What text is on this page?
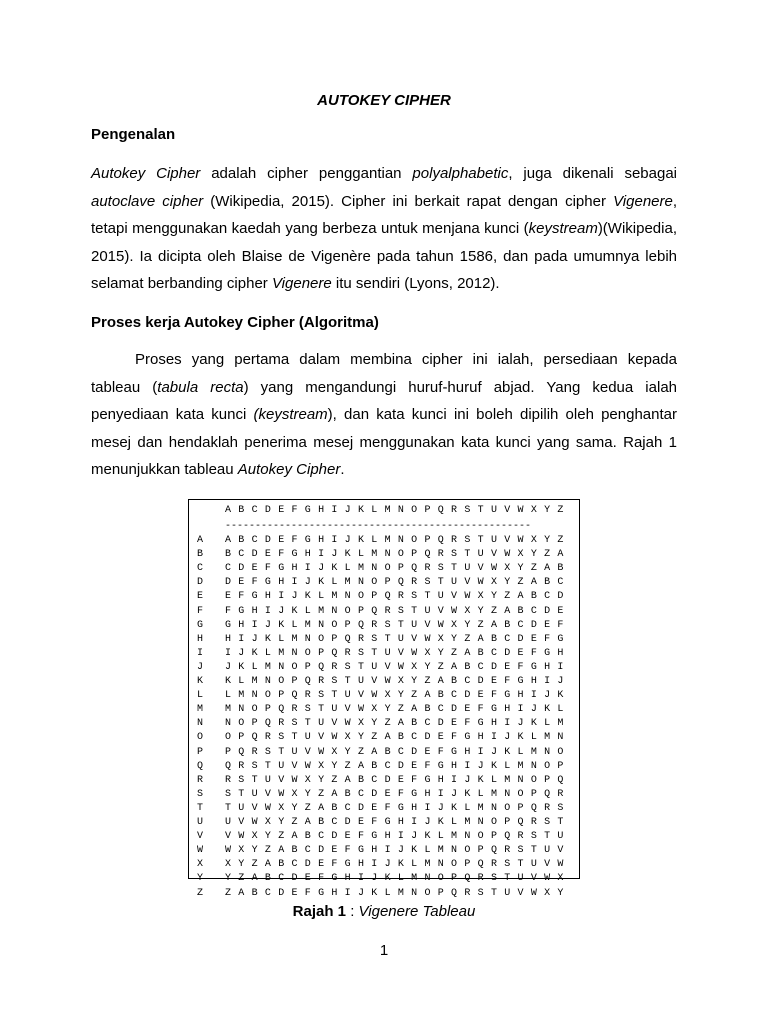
AUTOKEY CIPHER
Pengenalan
Autokey Cipher adalah cipher penggantian polyalphabetic, juga dikenali sebagai
autoclave cipher (Wikipedia, 2015). Cipher ini berkait rapat dengan cipher Vigenere,
tetapi menggunakan kaedah yang berbeza untuk menjana kunci (keystream)(Wikipedia,
2015). Ia dicipta oleh Blaise de Vigenère pada tahun 1586, dan pada umumnya lebih
selamat berbanding cipher Vigenere itu sendiri (Lyons, 2012).
Proses kerja Autokey Cipher (Algoritma)
Proses yang pertama dalam membina cipher ini ialah, persediaan kepada
tableau (tabula recta) yang mengandungi huruf-huruf abjad. Yang kedua ialah
penyediaan kata kunci (keystream), dan kata kunci ini boleh dipilih oleh penghantar
mesej dan hendaklah penerima mesej menggunakan kata kunci yang sama. Rajah 1
menunjukkan tableau Autokey Cipher.
A B C D E F G H I J K L M N O P Q R S T U V W X Y Z
---------------------------------------------------
A	A B C D E F G H I J K L M N O P Q R S T U V W X Y Z
B	B C D E F G H I J K L M N O P Q R S T U V W X Y Z A
C	C D E F G H I J K L M N O P Q R S T U V W X Y Z A B
D	D E F G H I J K L M N O P Q R S T U V W X Y Z A B C
E	E F G H I J K L M N O P Q R S T U V W X Y Z A B C D
F	F G H I J K L M N O P Q R S T U V W X Y Z A B C D E
G	G H I J K L M N O P Q R S T U V W X Y Z A B C D E F
H	H I J K L M N O P Q R S T U V W X Y Z A B C D E F G
I	I J K L M N O P Q R S T U V W X Y Z A B C D E F G H
J	J K L M N O P Q R S T U V W X Y Z A B C D E F G H I
K	K L M N O P Q R S T U V W X Y Z A B C D E F G H I J
L	L M N O P Q R S T U V W X Y Z A B C D E F G H I J K
M	M N O P Q R S T U V W X Y Z A B C D E F G H I J K L
N	N O P Q R S T U V W X Y Z A B C D E F G H I J K L M
O	O P Q R S T U V W X Y Z A B C D E F G H I J K L M N
P	P Q R S T U V W X Y Z A B C D E F G H I J K L M N O
Q	Q R S T U V W X Y Z A B C D E F G H I J K L M N O P
R	R S T U V W X Y Z A B C D E F G H I J K L M N O P Q
S	S T U V W X Y Z A B C D E F G H I J K L M N O P Q R
T	T U V W X Y Z A B C D E F G H I J K L M N O P Q R S
U	U V W X Y Z A B C D E F G H I J K L M N O P Q R S T
V	V W X Y Z A B C D E F G H I J K L M N O P Q R S T U
W	W X Y Z A B C D E F G H I J K L M N O P Q R S T U V
X	X Y Z A B C D E F G H I J K L M N O P Q R S T U V W
Y	Y Z A B C D E F G H I J K L M N O P Q R S T U V W X
Z	Z A B C D E F G H I J K L M N O P Q R S T U V W X Y
Rajah 1 : Vigenere Tableau
1
